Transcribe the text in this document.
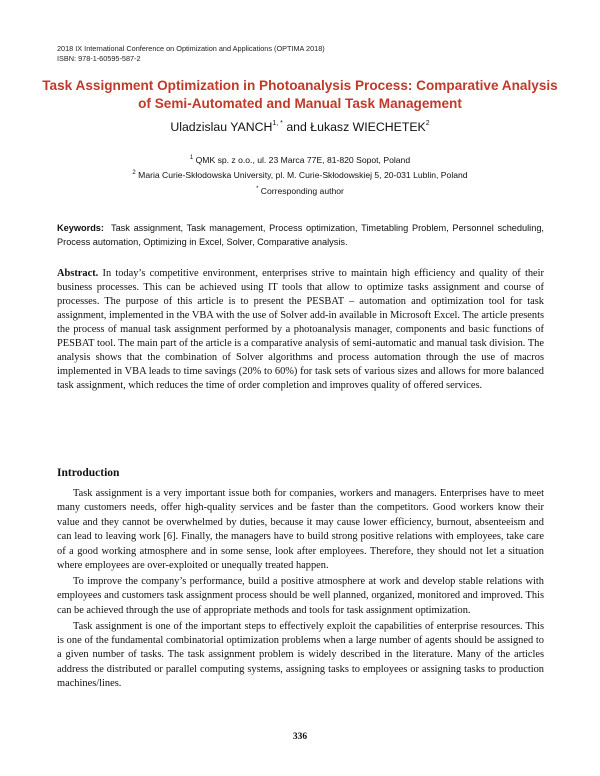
2018 IX International Conference on Optimization and Applications (OPTIMA 2018)
ISBN: 978-1-60595-587-2
Task Assignment Optimization in Photoanalysis Process: Comparative Analysis of Semi-Automated and Manual Task Management
Uladzislau $YANCH^{1, *}$ and Łukasz WIECHETEK$^2$
$^1$ QMK sp. z o.o., ul. 23 Marca 77E, 81-820 Sopot, Poland
$^2$ Maria Curie-Skłodowska University, pl. M. Curie-Skłodowskiej 5, 20-031 Lublin, Poland
* Corresponding author
Keywords: Task assignment, Task management, Process optimization, Timetabling Problem, Personnel scheduling, Process automation, Optimizing in Excel, Solver, Comparative analysis.
Abstract. In today’s competitive environment, enterprises strive to maintain high efficiency and quality of their business processes. This can be achieved using IT tools that allow to optimize tasks assignment and course of processes. The purpose of this article is to present the PESBAT – automation and optimization tool for task assignment, implemented in the VBA with the use of Solver add-in available in Microsoft Excel. The article presents the process of manual task assignment performed by a photoanalysis manager, components and basic functions of PESBAT tool. The main part of the article is a comparative analysis of semi-automatic and manual task division. The analysis shows that the combination of Solver algorithms and process automation through the use of macros implemented in VBA leads to time savings (20% to 60%) for task sets of various sizes and allows for more balanced task assignment, which reduces the time of order completion and improves quality of offered services.
Introduction

Task assignment is a very important issue both for companies, workers and managers. Enterprises have to meet many customers needs, offer high-quality services and be faster than the competitors. Good workers know their value and they cannot be overwhelmed by duties, because it may cause lower efficiency, burnout, absenteeism and can lead to leaving work [6]. Finally, the managers have to build strong positive relations with employees, take care of a good working atmosphere and in some sense, look after employees. Therefore, they should not let a situation where employees are over-exploited or unequally treated happen.

To improve the company’s performance, build a positive atmosphere at work and develop stable relations with employees and customers task assignment process should be well planned, organized, monitored and improved. This can be achieved through the use of appropriate methods and tools for task assignment optimization.

Task assignment is one of the important steps to effectively exploit the capabilities of enterprise resources. This is one of the fundamental combinatorial optimization problems when a large number of agents should be assigned to a given number of tasks. The task assignment problem is widely described in the literature. Many of the articles address the distributed or parallel computing systems, assigning tasks to employees or assigning tasks to production machines/lines.

336
